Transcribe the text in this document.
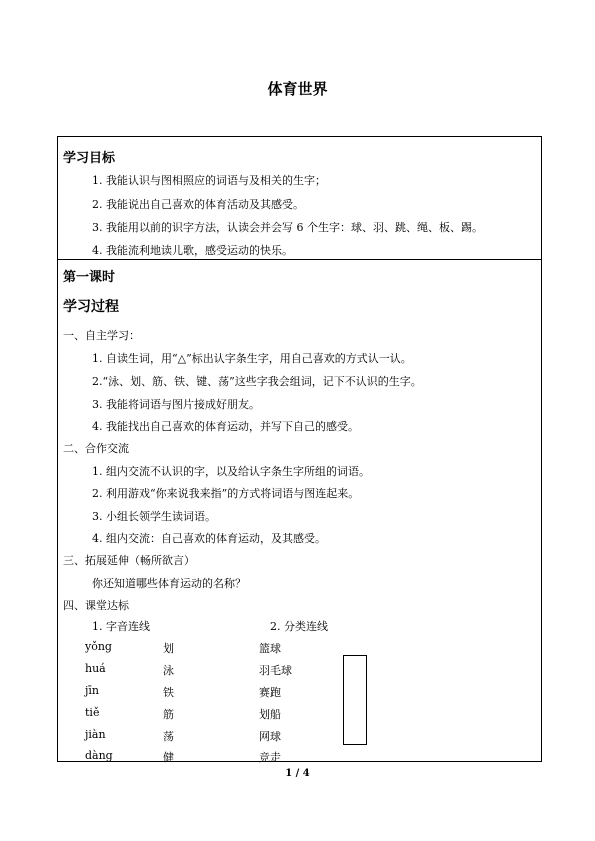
体育世界
学习目标
1. 我能认识与图相照应的词语与及相关的生字；
2. 我能说出自己喜欢的体育活动及其感受。
3. 我能用以前的识字方法，认读会并会写 6 个生字：球、羽、跳、绳、板、踢。
4. 我能流利地读儿歌，感受运动的快乐。
第一课时
学习过程
一、自主学习：
1. 自读生词，用“△”标出认字条生字，用自己喜欢的方式认一认。
2.“泳、划、筋、铁、键、荡”这些字我会组词，记下不认识的生字。
3. 我能将词语与图片接成好朋友。
4. 我能找出自己喜欢的体育运动，并写下自己的感受。
二、合作交流
1. 组内交流不认识的字，以及给认字条生字所组的词语。
2. 利用游戏“你来说我来指”的方式将词语与图连起来。
3. 小组长领学生读词语。
4. 组内交流：自己喜欢的体育运动，及其感受。
三、拓展延伸（畅所欲言）
你还知道哪些体育运动的名称？
四、课堂达标
1. 字音连线	2. 分类连线
yǒng
huá
jīn
tiě
jiàn
dàng
划
泳
铁
筋
荡
健
篮球
羽毛球
赛跑
划船
网球
竞走
1 / 4
